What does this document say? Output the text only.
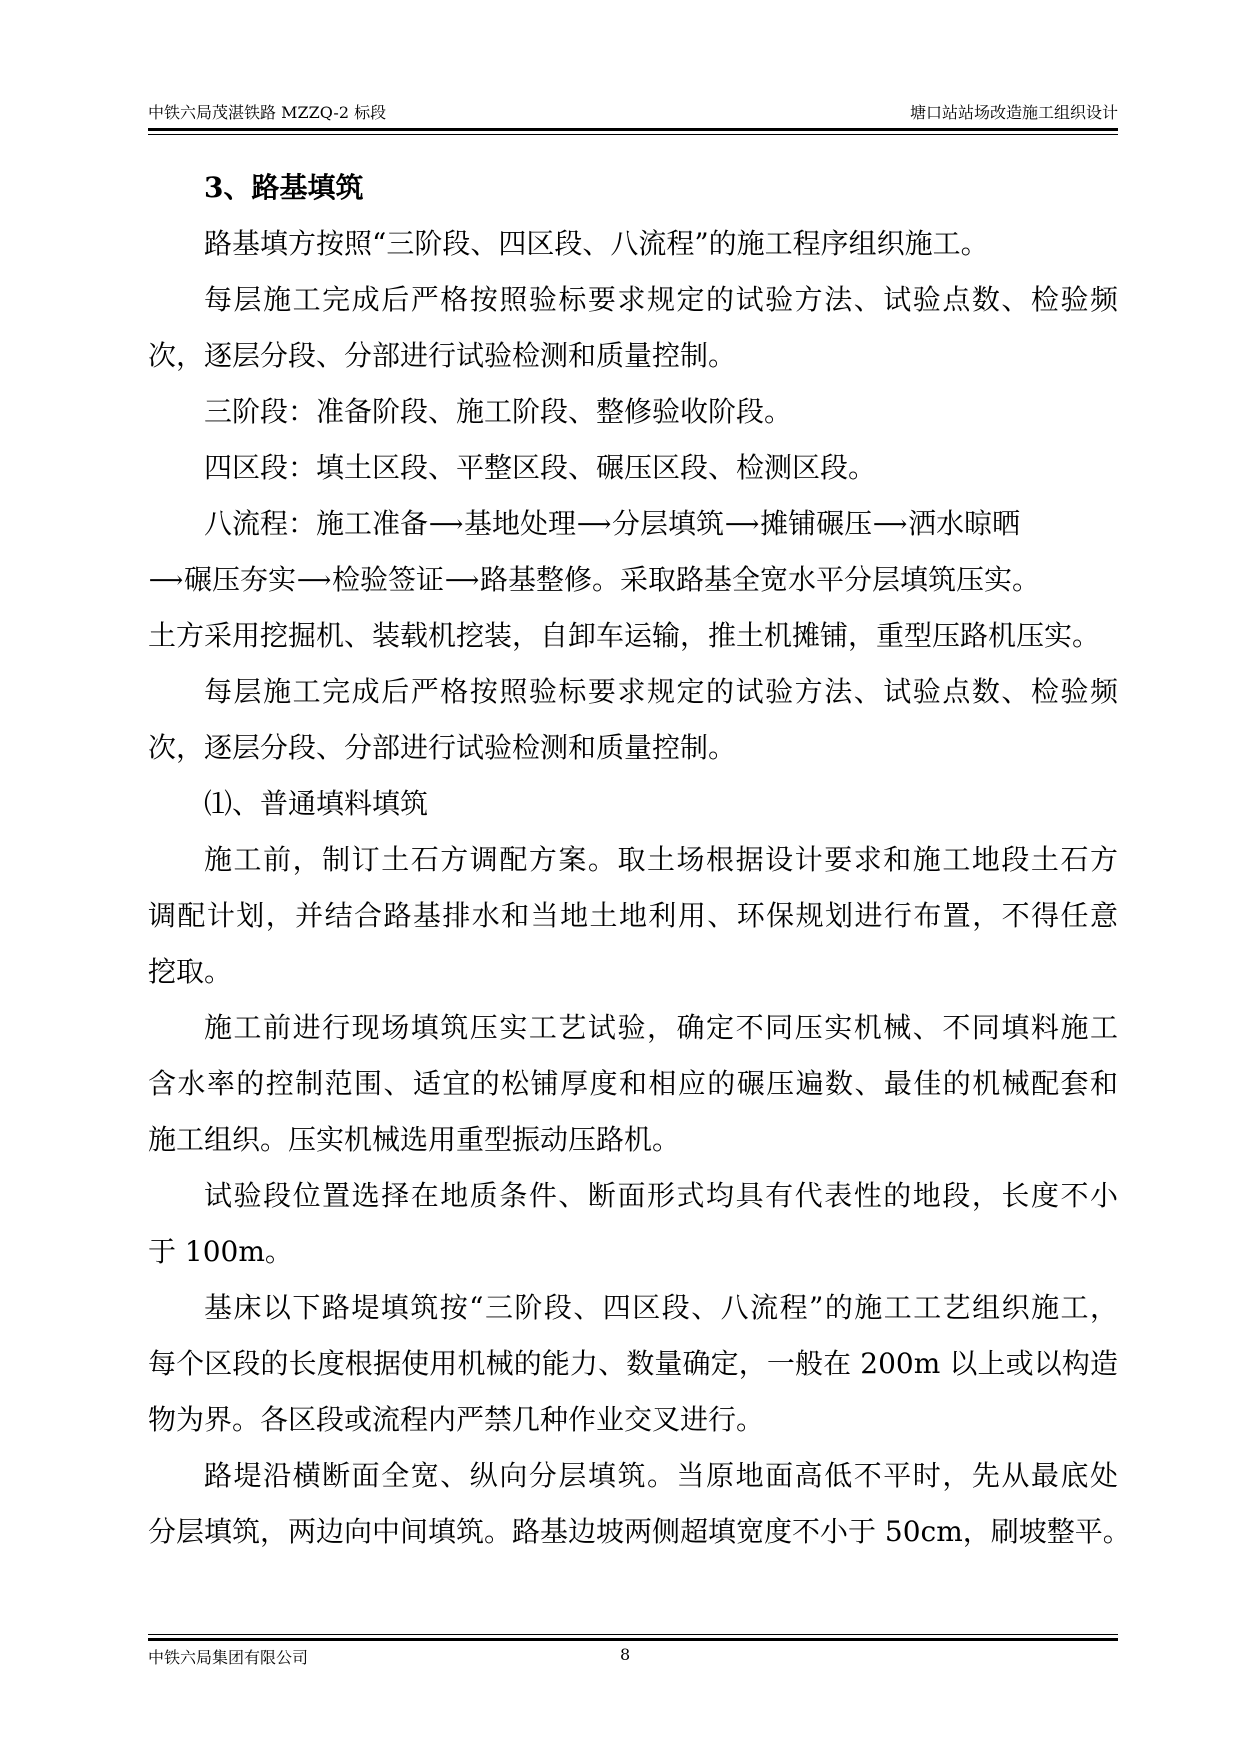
中铁六局茂湛铁路 MZZQ-2 标段	塘口站站场改造施工组织设计
3、路基填筑
路基填方按照“三阶段、四区段、八流程”的施工程序组织施工。
每层施工完成后严格按照验标要求规定的试验方法、试验点数、检验频
次，逐层分段、分部进行试验检测和质量控制。
三阶段：准备阶段、施工阶段、整修验收阶段。
四区段：填土区段、平整区段、碾压区段、检测区段。
八流程：施工准备⟶基地处理⟶分层填筑⟶摊铺碾压⟶洒水晾晒
⟶碾压夯实⟶检验签证⟶路基整修。采取路基全宽水平分层填筑压实。
土方采用挖掘机、装载机挖装，自卸车运输，推土机摊铺，重型压路机压实。
每层施工完成后严格按照验标要求规定的试验方法、试验点数、检验频
次，逐层分段、分部进行试验检测和质量控制。
⑴、普通填料填筑
施工前，制订土石方调配方案。取土场根据设计要求和施工地段土石方
调配计划，并结合路基排水和当地土地利用、环保规划进行布置，不得任意
挖取。
施工前进行现场填筑压实工艺试验，确定不同压实机械、不同填料施工
含水率的控制范围、适宜的松铺厚度和相应的碾压遍数、最佳的机械配套和
施工组织。压实机械选用重型振动压路机。
试验段位置选择在地质条件、断面形式均具有代表性的地段，长度不小
于 100m。
基床以下路堤填筑按“三阶段、四区段、八流程”的施工工艺组织施工，
每个区段的长度根据使用机械的能力、数量确定，一般在 200m 以上或以构造
物为界。各区段或流程内严禁几种作业交叉进行。
路堤沿横断面全宽、纵向分层填筑。当原地面高低不平时，先从最底处
分层填筑，两边向中间填筑。路基边坡两侧超填宽度不小于 50cm，刷坡整平。
中铁六局集团有限公司	8
